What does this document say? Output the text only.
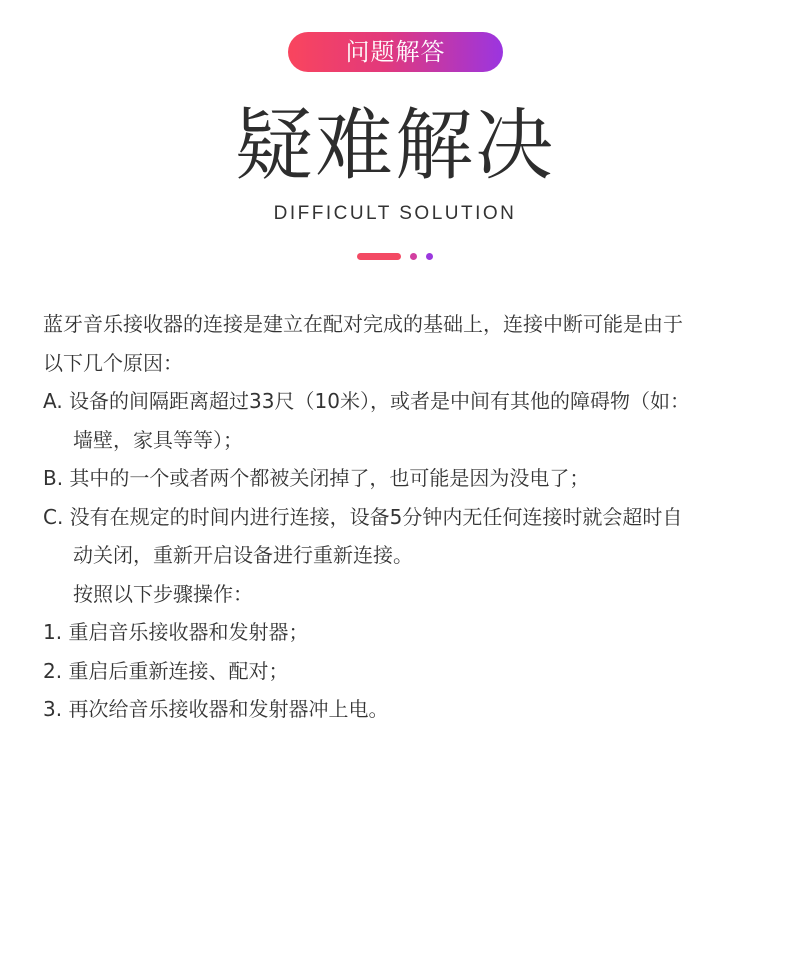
问题解答
疑难解决
DIFFICULT SOLUTION

蓝牙音乐接收器的连接是建立在配对完成的基础上，连接中断可能是由于

以下几个原因：

A. 设备的间隔距离超过33尺（10米），或者是中间有其他的障碍物（如：

墙壁，家具等等）；

B. 其中的一个或者两个都被关闭掉了，也可能是因为没电了；

C. 没有在规定的时间内进行连接，设备5分钟内无任何连接时就会超时自

动关闭，重新开启设备进行重新连接。

按照以下步骤操作：

1. 重启音乐接收器和发射器；

2. 重启后重新连接、配对；

3. 再次给音乐接收器和发射器冲上电。
